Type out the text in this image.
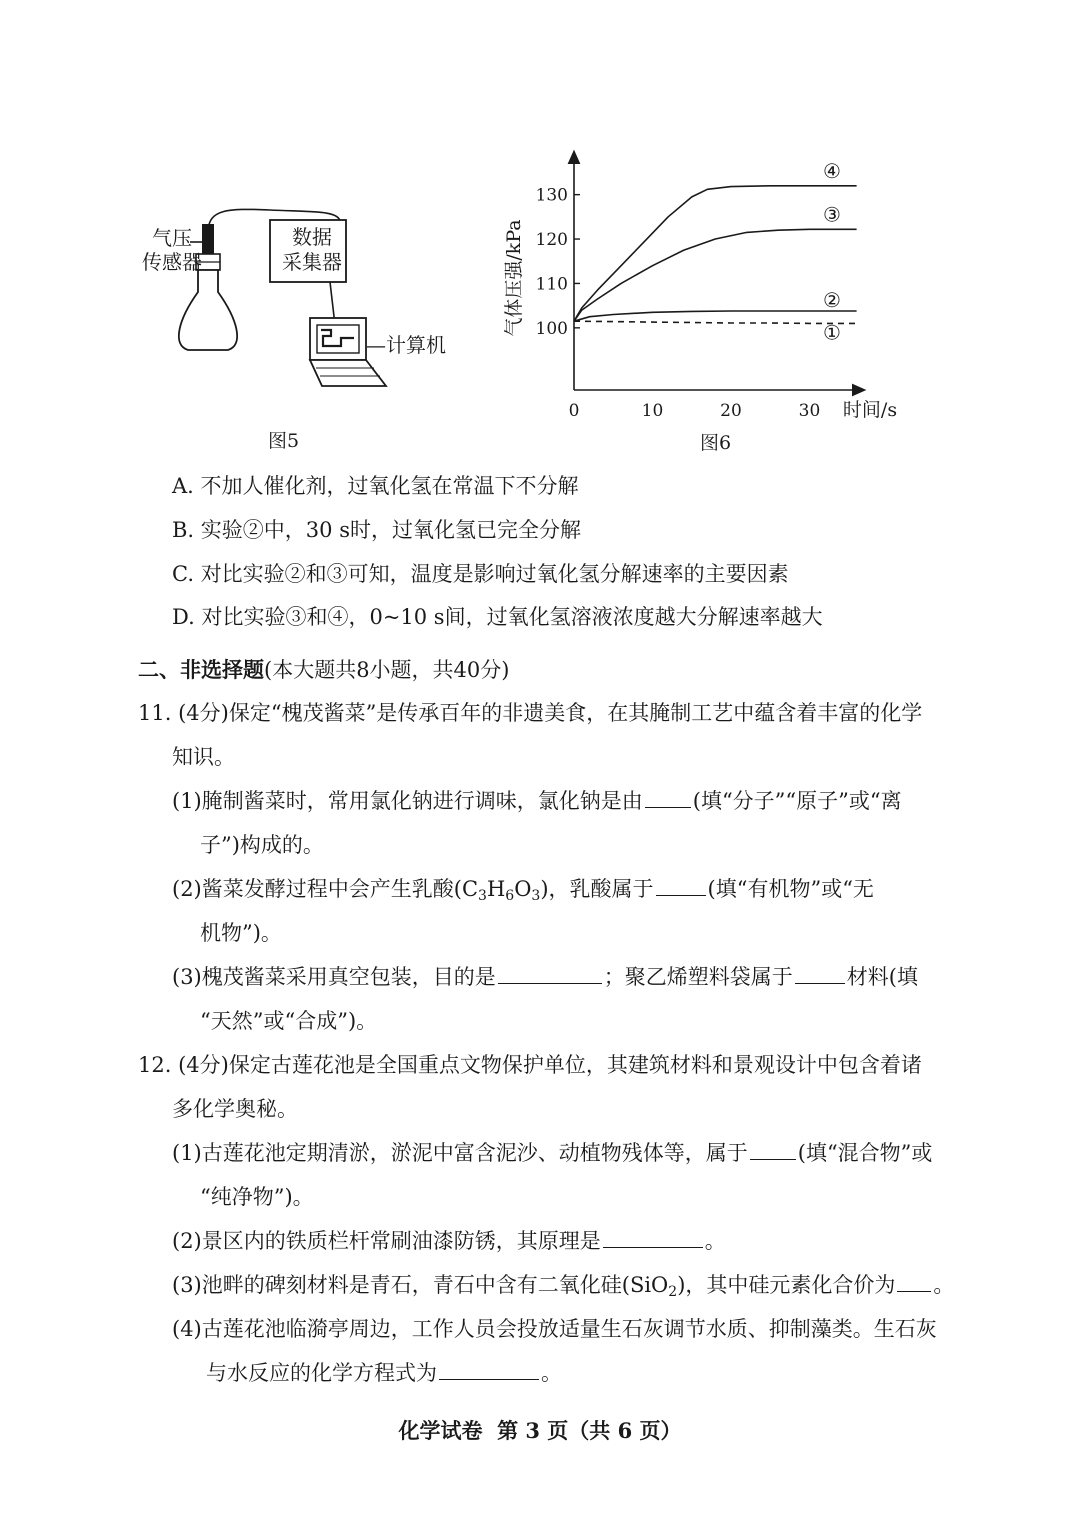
气压
传感器
数据
采集器
—计算机
图5
100
110
120
130
0	10	20	30
①
②
③
④
气体压强/kPa
时间/s
图6
A. 不加人催化剂，过氧化氢在常温下不分解
B. 实验②中，30 s时，过氧化氢已完全分解
C. 对比实验②和③可知，温度是影响过氧化氢分解速率的主要因素
D. 对比实验③和④，0~10 s间，过氧化氢溶液浓度越大分解速率越大
二、非选择题(本大题共8小题，共40分)
11. (4分)保定“槐茂酱菜”是传承百年的非遗美食，在其腌制工艺中蕴含着丰富的化学
知识。
(1)腌制酱菜时，常用氯化钠进行调味，氯化钠是由 (填“分子”“原子”或“离
子”)构成的。
(2)酱菜发酵过程中会产生乳酸$(C_3H_6O_3)$，乳酸属于	(填“有机物”或“无
机物”)。
(3)槐茂酱菜采用真空包装，目的是	；聚乙烯塑料袋属于	材料(填
“天然”或“合成”)。
12. (4分)保定古莲花池是全国重点文物保护单位，其建筑材料和景观设计中包含着诸
多化学奥秘。
(1)古莲花池定期清淤，淤泥中富含泥沙、动植物残体等，属于 (填“混合物”或
“纯净物”)。
(2)景区内的铁质栏杆常刷油漆防锈，其原理是	。
(3)池畔的碑刻材料是青石，青石中含有二氧化硅(SiO$_2$)，其中硅元素化合价为 。
(4)古莲花池临漪亭周边，工作人员会投放适量生石灰调节水质、抑制藻类。生石灰
与水反应的化学方程式为	。
化学试卷  第 3 页（共 6 页）
